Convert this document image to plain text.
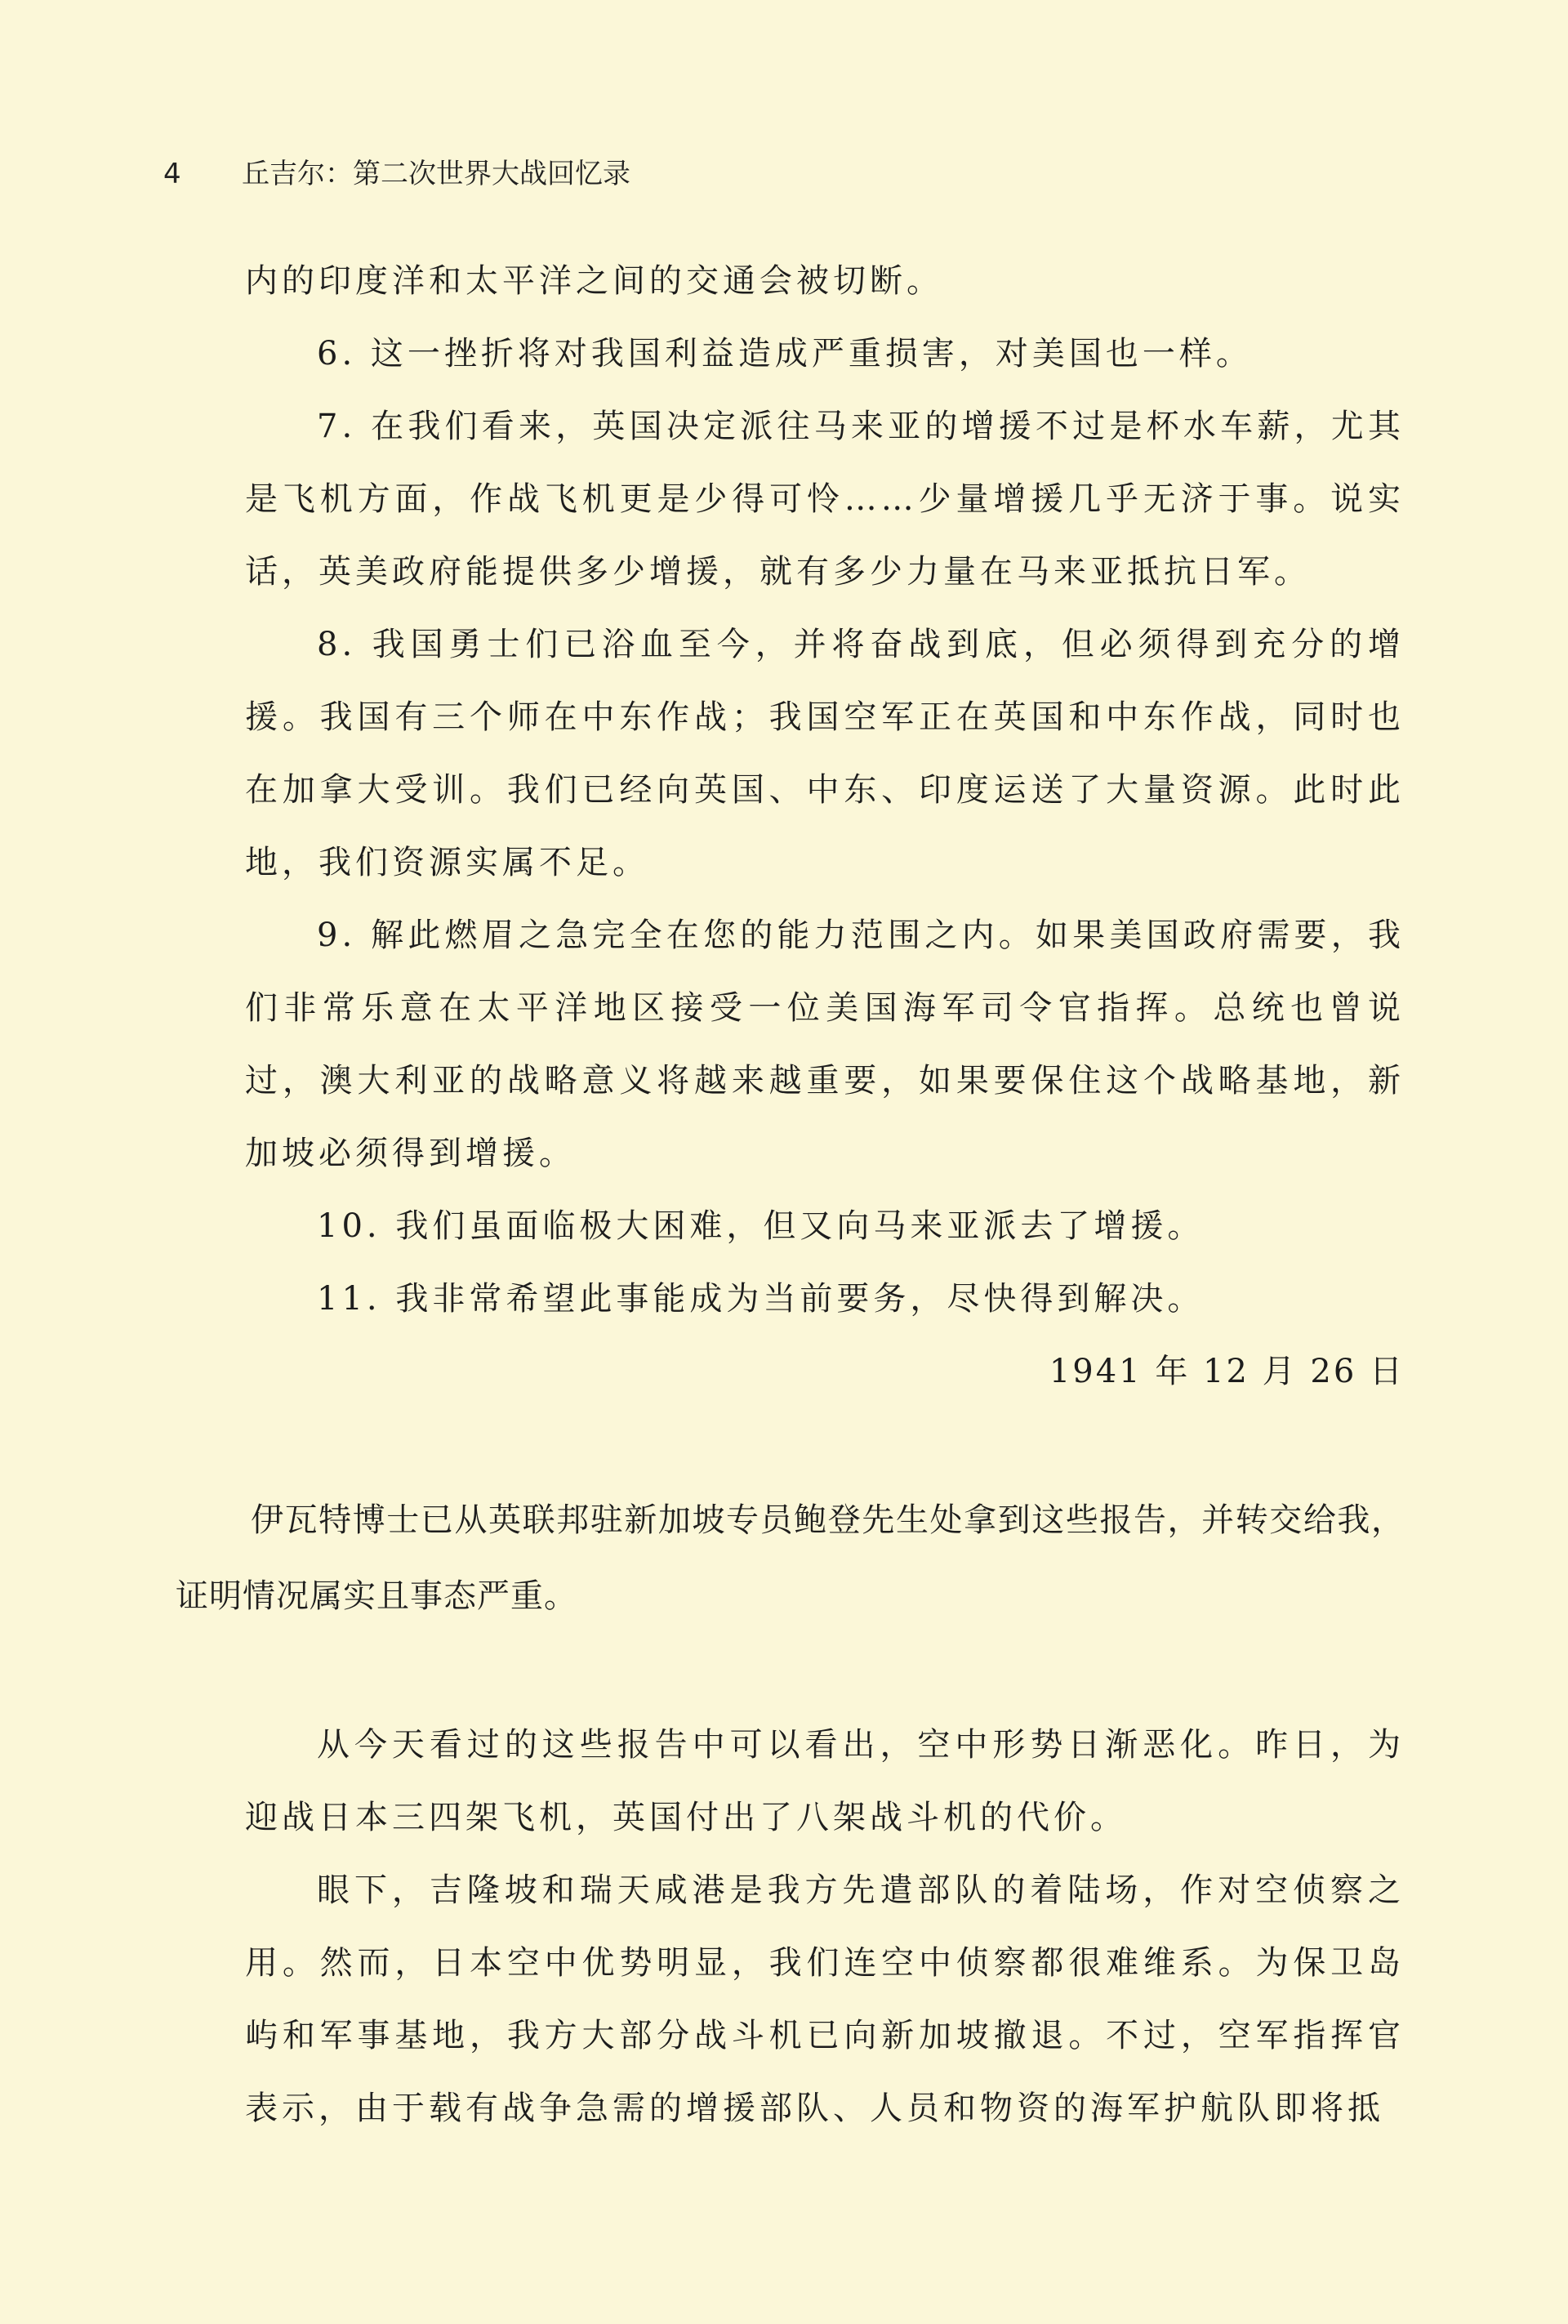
4	丘吉尔：第二次世界大战回忆录

内的印度洋和太平洋之间的交通会被切断。

6. 这一挫折将对我国利益造成严重损害，对美国也一样。

7. 在我们看来，英国决定派往马来亚的增援不过是杯水车薪，尤其是飞机方面，作战飞机更是少得可怜……少量增援几乎无济于事。说实话，英美政府能提供多少增援，就有多少力量在马来亚抵抗日军。

8. 我国勇士们已浴血至今，并将奋战到底，但必须得到充分的增援。我国有三个师在中东作战；我国空军正在英国和中东作战，同时也在加拿大受训。我们已经向英国、中东、印度运送了大量资源。此时此地，我们资源实属不足。

9. 解此燃眉之急完全在您的能力范围之内。如果美国政府需要，我们非常乐意在太平洋地区接受一位美国海军司令官指挥。总统也曾说过，澳大利亚的战略意义将越来越重要，如果要保住这个战略基地，新加坡必须得到增援。

10. 我们虽面临极大困难，但又向马来亚派去了增援。

11. 我非常希望此事能成为当前要务，尽快得到解决。

1941 年 12 月 26 日

伊瓦特博士已从英联邦驻新加坡专员鲍登先生处拿到这些报告，并转交给我，证明情况属实且事态严重。

从今天看过的这些报告中可以看出，空中形势日渐恶化。昨日，为迎战日本三四架飞机，英国付出了八架战斗机的代价。

眼下，吉隆坡和瑞天咸港是我方先遣部队的着陆场，作对空侦察之用。然而，日本空中优势明显，我们连空中侦察都很难维系。为保卫岛屿和军事基地，我方大部分战斗机已向新加坡撤退。不过，空军指挥官表示，由于载有战争急需的增援部队、人员和物资的海军护航队即将抵
